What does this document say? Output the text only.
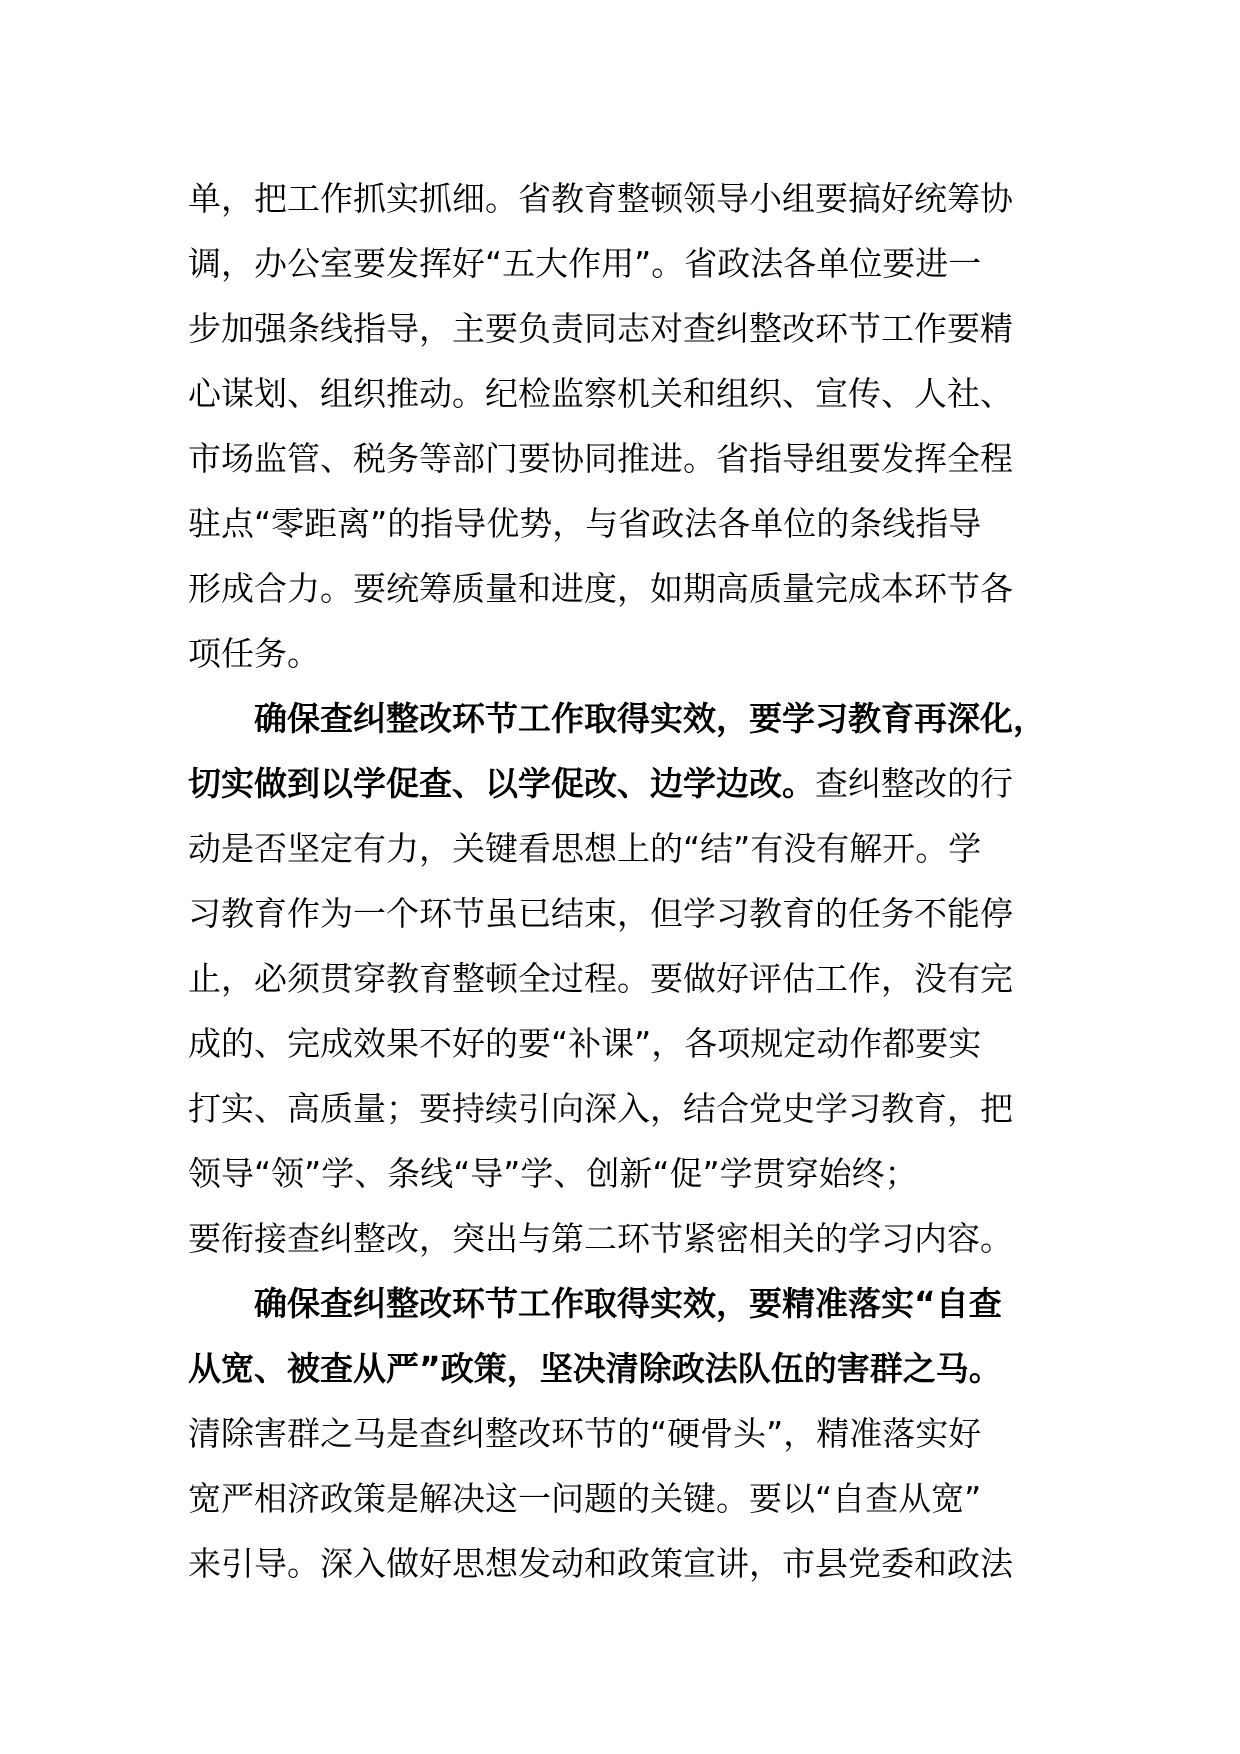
单，把工作抓实抓细。省教育整顿领导小组要搞好统筹协
调，办公室要发挥好“五大作用”。省政法各单位要进一
步加强条线指导，主要负责同志对查纠整改环节工作要精
心谋划、组织推动。纪检监察机关和组织、宣传、人社、
市场监管、税务等部门要协同推进。省指导组要发挥全程
驻点“零距离”的指导优势，与省政法各单位的条线指导
形成合力。要统筹质量和进度，如期高质量完成本环节各
项任务。

确保查纠整改环节工作取得实效，要学习教育再深化，
切实做到以学促查、以学促改、边学边改。查纠整改的行
动是否坚定有力，关键看思想上的“结”有没有解开。学
习教育作为一个环节虽已结束，但学习教育的任务不能停
止，必须贯穿教育整顿全过程。要做好评估工作，没有完
成的、完成效果不好的要“补课”，各项规定动作都要实
打实、高质量；要持续引向深入，结合党史学习教育，把
领导“领”学、条线“导”学、创新“促”学贯穿始终；
要衔接查纠整改，突出与第二环节紧密相关的学习内容。

确保查纠整改环节工作取得实效，要精准落实“自查
从宽、被查从严”政策，坚决清除政法队伍的害群之马。
清除害群之马是查纠整改环节的“硬骨头”，精准落实好
宽严相济政策是解决这一问题的关键。要以“自查从宽”
来引导。深入做好思想发动和政策宣讲，市县党委和政法
